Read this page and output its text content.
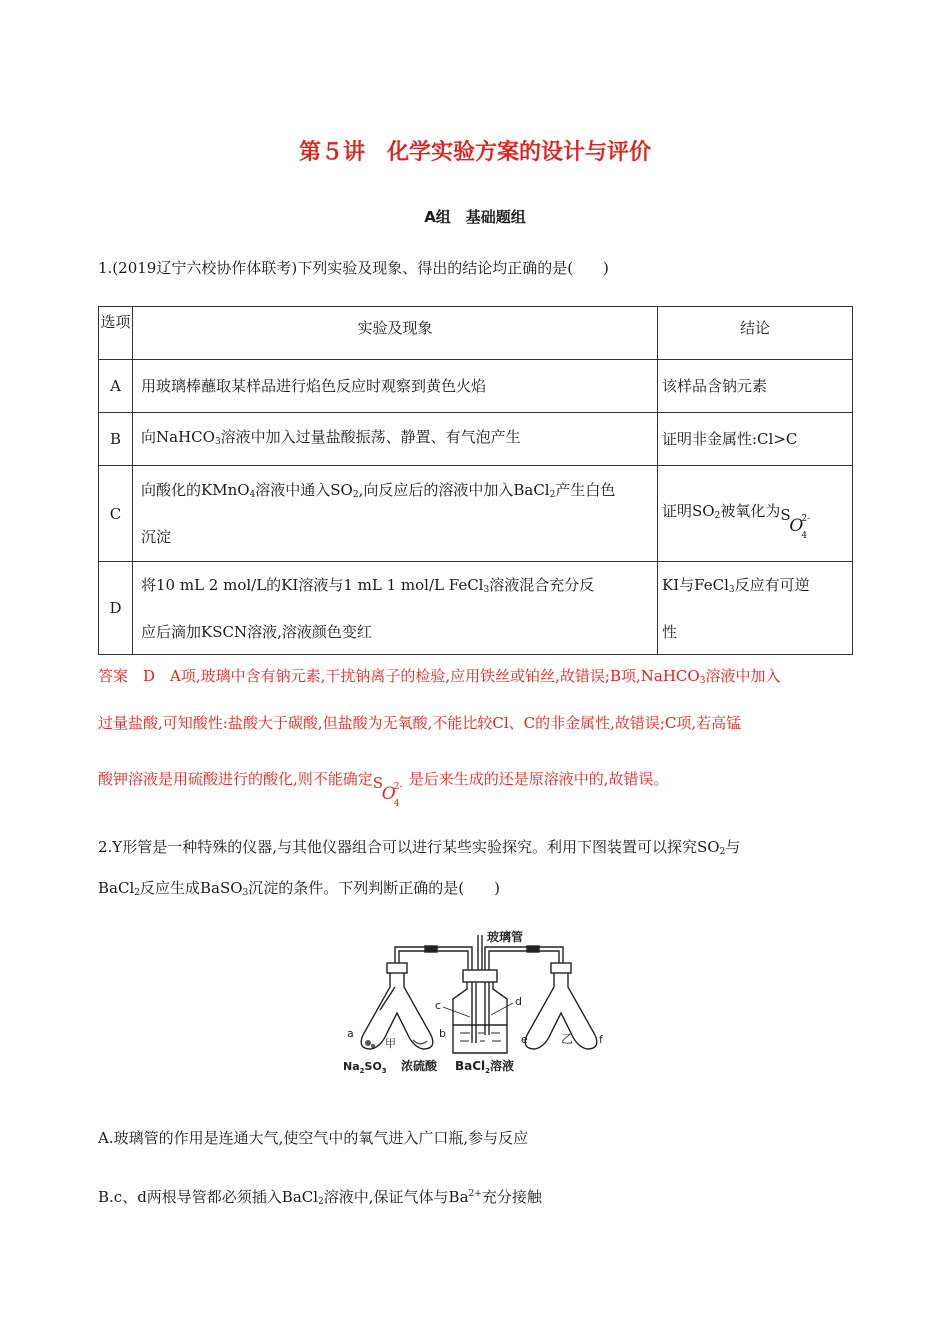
第５讲　化学实验方案的设计与评价
A组　基础题组
1.(2019辽宁六校协作体联考)下列实验及现象、得出的结论均正确的是(　　)
选项	实验及现象	结论
A	用玻璃棒蘸取某样品进行焰色反应时观察到黄色火焰	该样品含钠元素
B	向NaHCO$_3$溶液中加入过量盐酸振荡、静置、有气泡产生	证明非金属性:Cl>C
C	向酸化的KMnO$_4$溶液中通入$SO_2$,向反应后的溶液中加入BaCl$_2$产生白色
沉淀	证明$SO_2$被氧化为 S
O
4
2-

D	将10 mL 2 mol/L的KI溶液与1 mL 1 mol/L FeCl$_3$溶液混合充分反
应后滴加KSCN溶液,溶液颜色变红	KI与FeCl$_3$反应有可逆
性
答案　D　A项,玻璃中含有钠元素,干扰钠离子的检验,应用铁丝或铂丝,故错误;B项,NaHCO$_3$溶液中加入
过量盐酸,可知酸性:盐酸大于碳酸,但盐酸为无氧酸,不能比较Cl、C的非金属性,故错误;C项,若高锰
酸钾溶液是用硫酸进行的酸化,则不能确定 S
O
4
2- 是后来生成的还是原溶液中的,故错误。
2.Y形管是一种特殊的仪器,与其他仪器组合可以进行某些实验探究。利用下图装置可以探究$SO_2$与
BaCl$_2$反应生成BaSO$_3$沉淀的条件。下列判断正确的是(　　)
玻璃管
甲	乙
a	b
c	d
e	f
$Na_2SO_3$ 浓硫酸 BaCl$_2$溶液
A.玻璃管的作用是连通大气,使空气中的氧气进入广口瓶,参与反应
B.c、d两根导管都必须插入BaCl$_2$溶液中,保证气体与$Ba^{2+}$充分接触
